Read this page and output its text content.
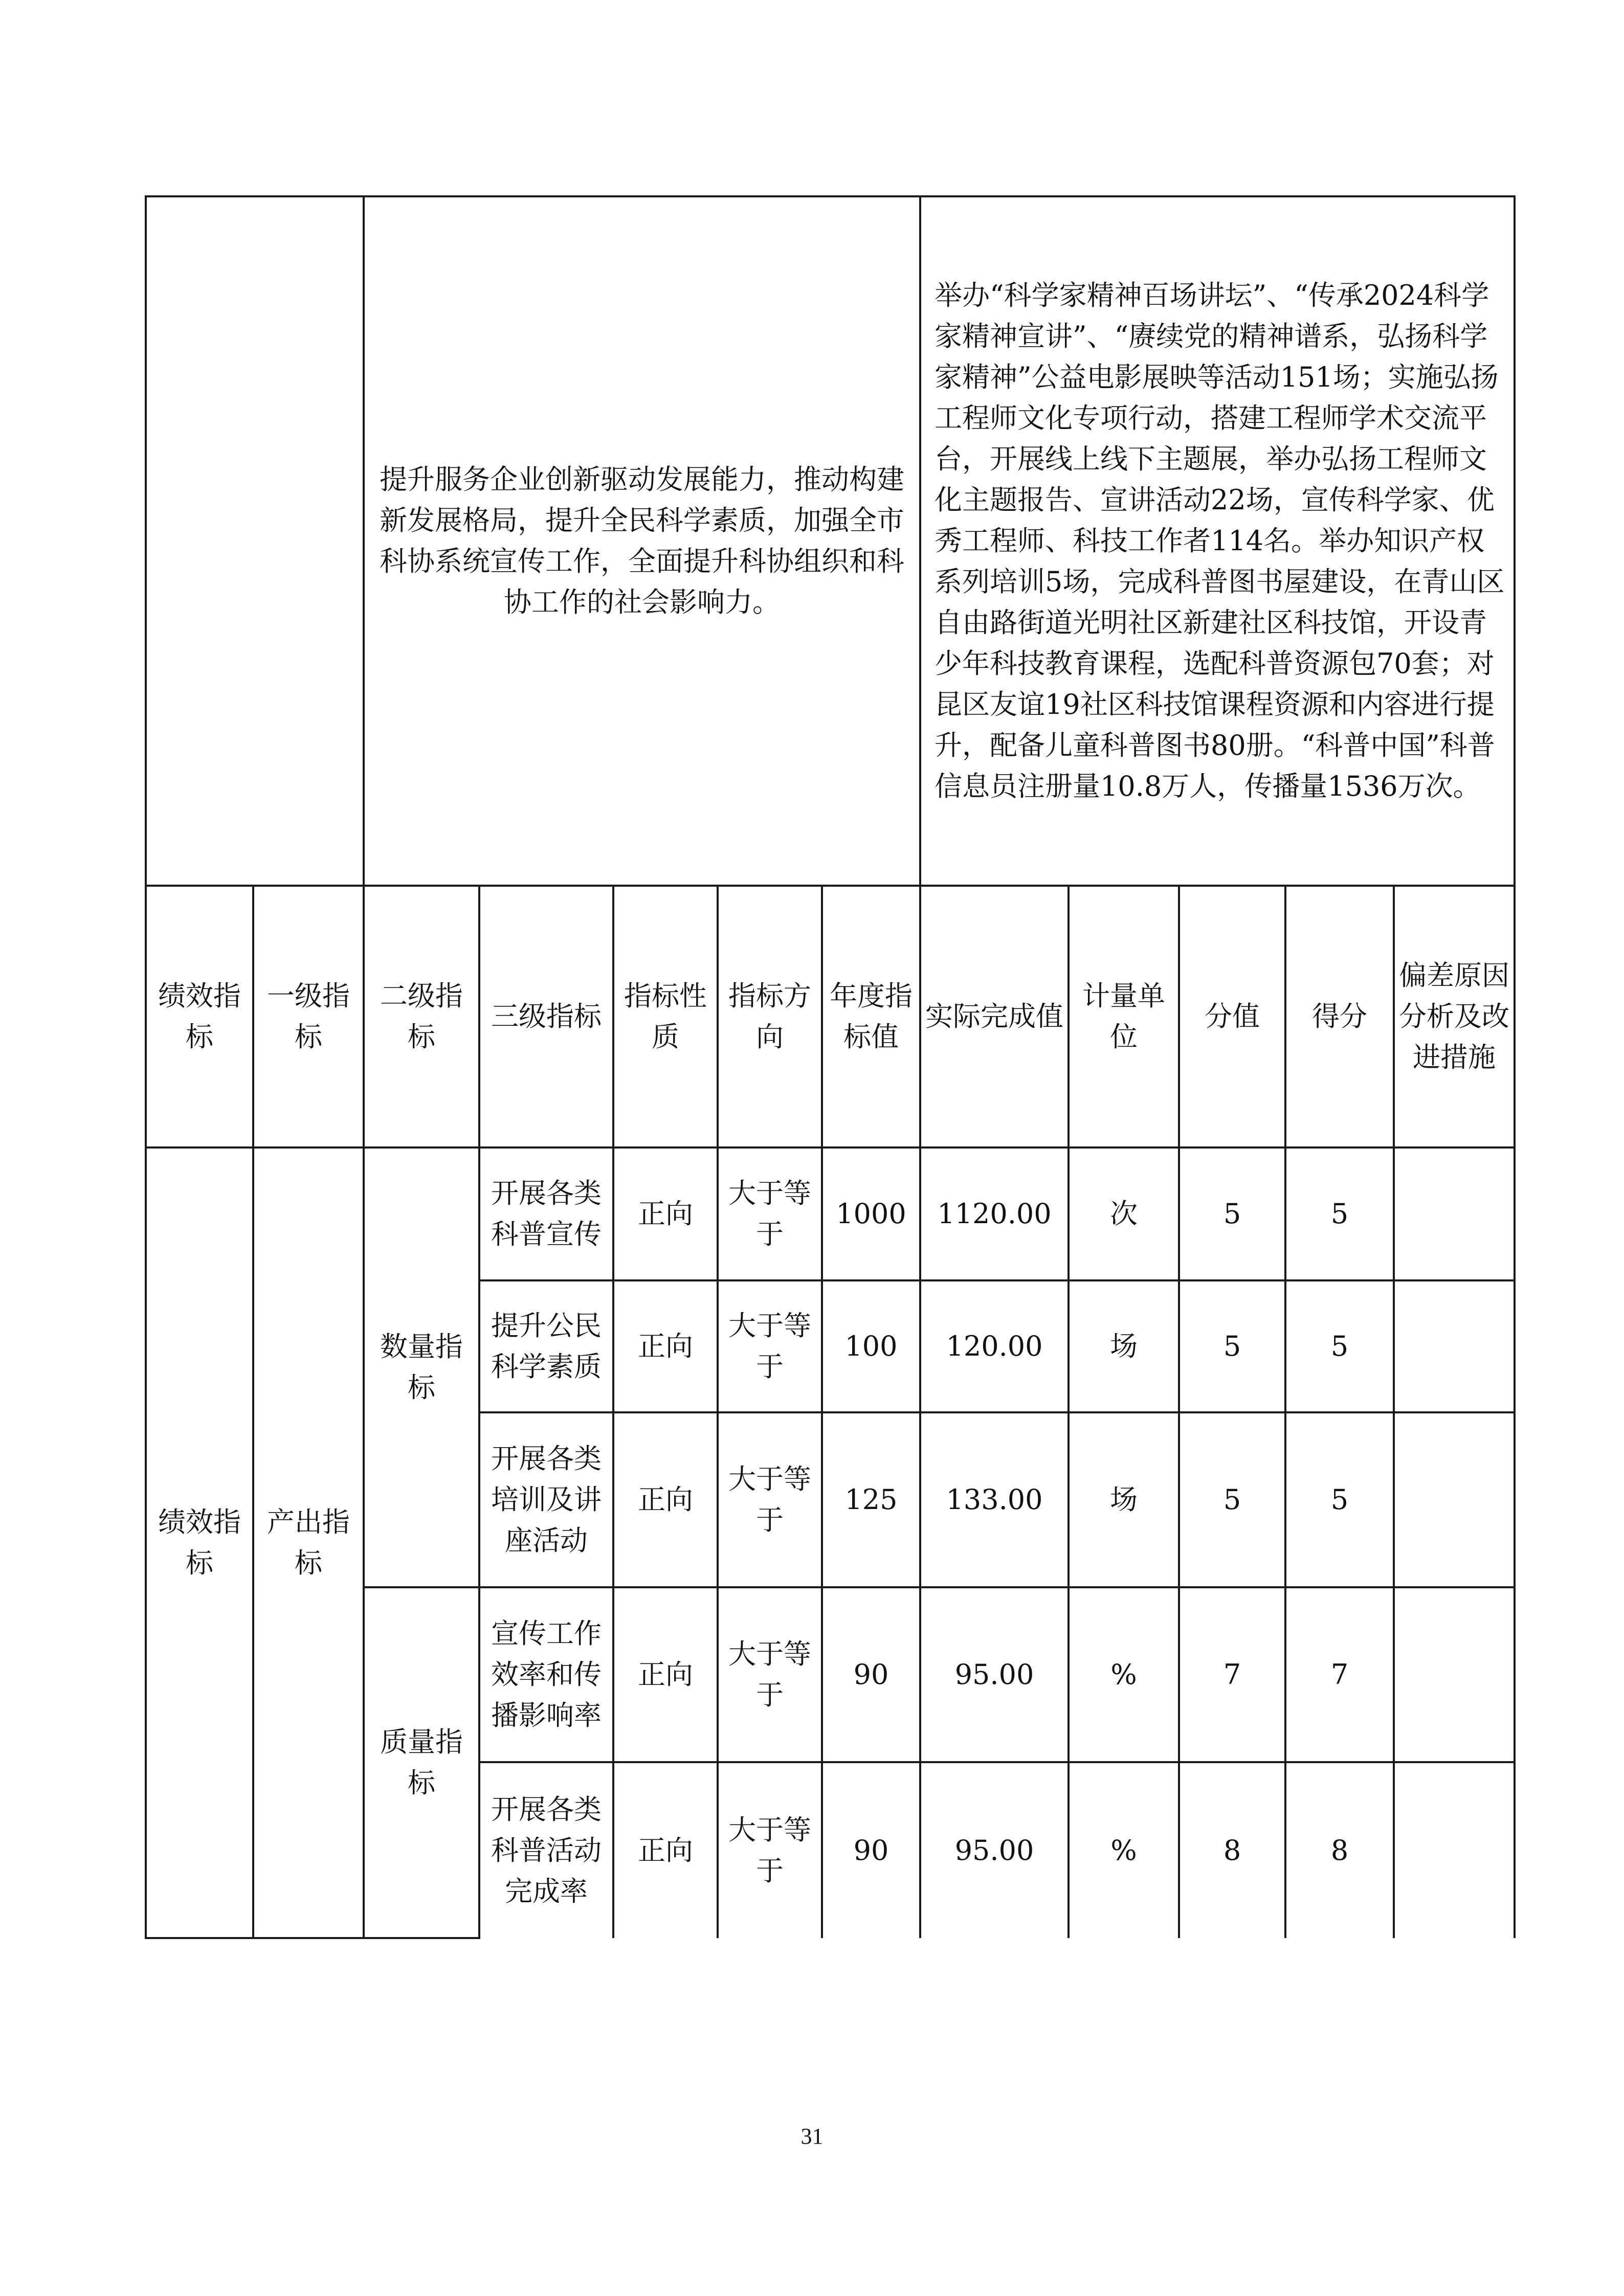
		提升服务企业创新驱动发展能力，推动构建新发展格局，提升全民科学素质，加强全市科协系统宣传工作，全面提升科协组织和科协工作的社会影响力。					举办“科学家精神百场讲坛”、“传承2024科学家精神宣讲”、“赓续党的精神谱系，弘扬科学家精神”公益电影展映等活动151场；实施弘扬工程师文化专项行动，搭建工程师学术交流平台，开展线上线下主题展，举办弘扬工程师文化主题报告、宣讲活动22场，宣传科学家、优秀工程师、科技工作者114名。举办知识产权系列培训5场，完成科普图书屋建设，在青山区自由路街道光明社区新建社区科技馆，开设青少年科技教育课程，选配科普资源包70套；对昆区友谊19社区科技馆课程资源和内容进行提升，配备儿童科普图书80册。“科普中国”科普信息员注册量10.8万人，传播量1536万次。				
绩效指标	一级指标	二级指标	三级指标	指标性质	指标方向	年度指标值	实际完成值	计量单位	分值	得分	偏差原因分析及改进措施
绩效指标	产出指标	数量指标	开展各类科普宣传	正向	大于等于	1000	1120.00	次	5	5	
			提升公民科学素质	正向	大于等于	100	120.00	场	5	5	
			开展各类培训及讲座活动	正向	大于等于	125	133.00	场	5	5	
		质量指标	宣传工作效率和传播影响率	正向	大于等于	90	95.00	%	7	7	
			开展各类科普活动完成率	正向	大于等于	90	95.00	%	8	8	
31
